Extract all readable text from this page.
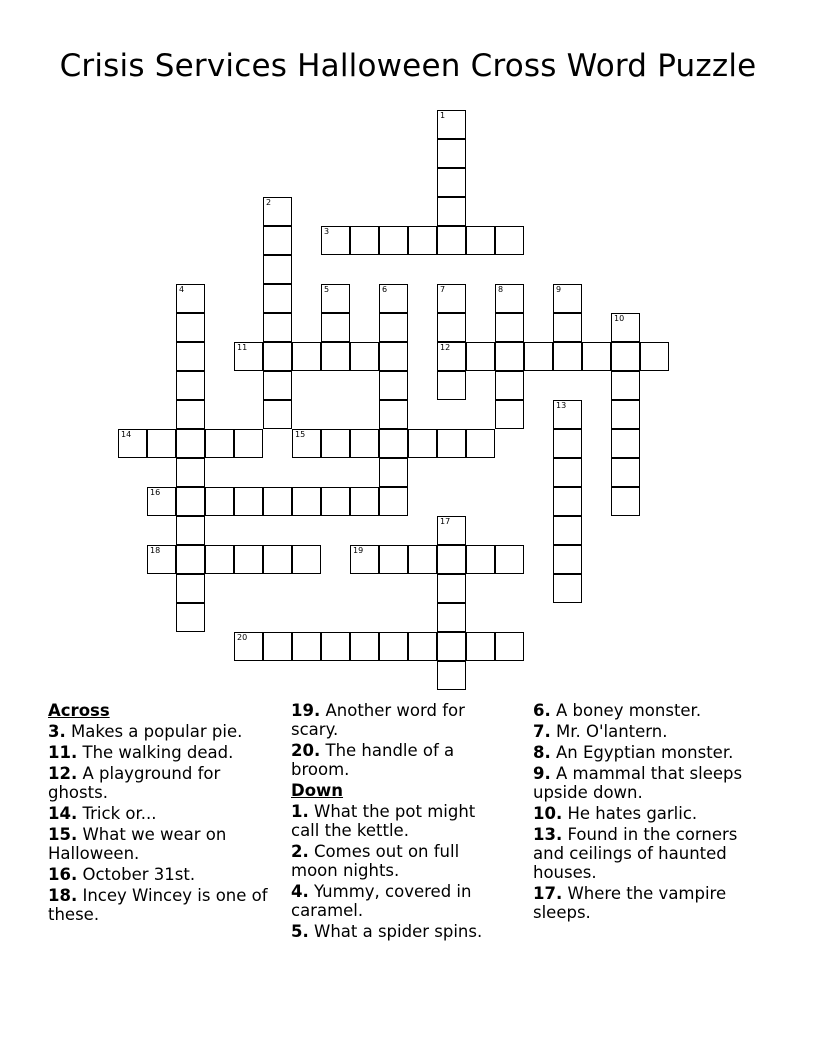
Crisis Services Halloween Cross Word Puzzle
1
2
3
4	5	6	7
12
8	9
10
11
13
14	15
16
17
18	19
20
Across
3. Makes a popular pie.
11. The walking dead.
12. A playground for ghosts.
14. Trick or...
15. What we wear on Halloween.
16. October 31st.
18. Incey Wincey is one of these.
19. Another word for scary.
20. The handle of a broom.
Down
1. What the pot might call the kettle.
2. Comes out on full moon nights.
4. Yummy, covered in caramel.
5. What a spider spins.
6. A boney monster.
7. Mr. O'lantern.
8. An Egyptian monster.
9. A mammal that sleeps upside down.
10. He hates garlic.
13. Found in the corners and ceilings of haunted houses.
17. Where the vampire sleeps.
